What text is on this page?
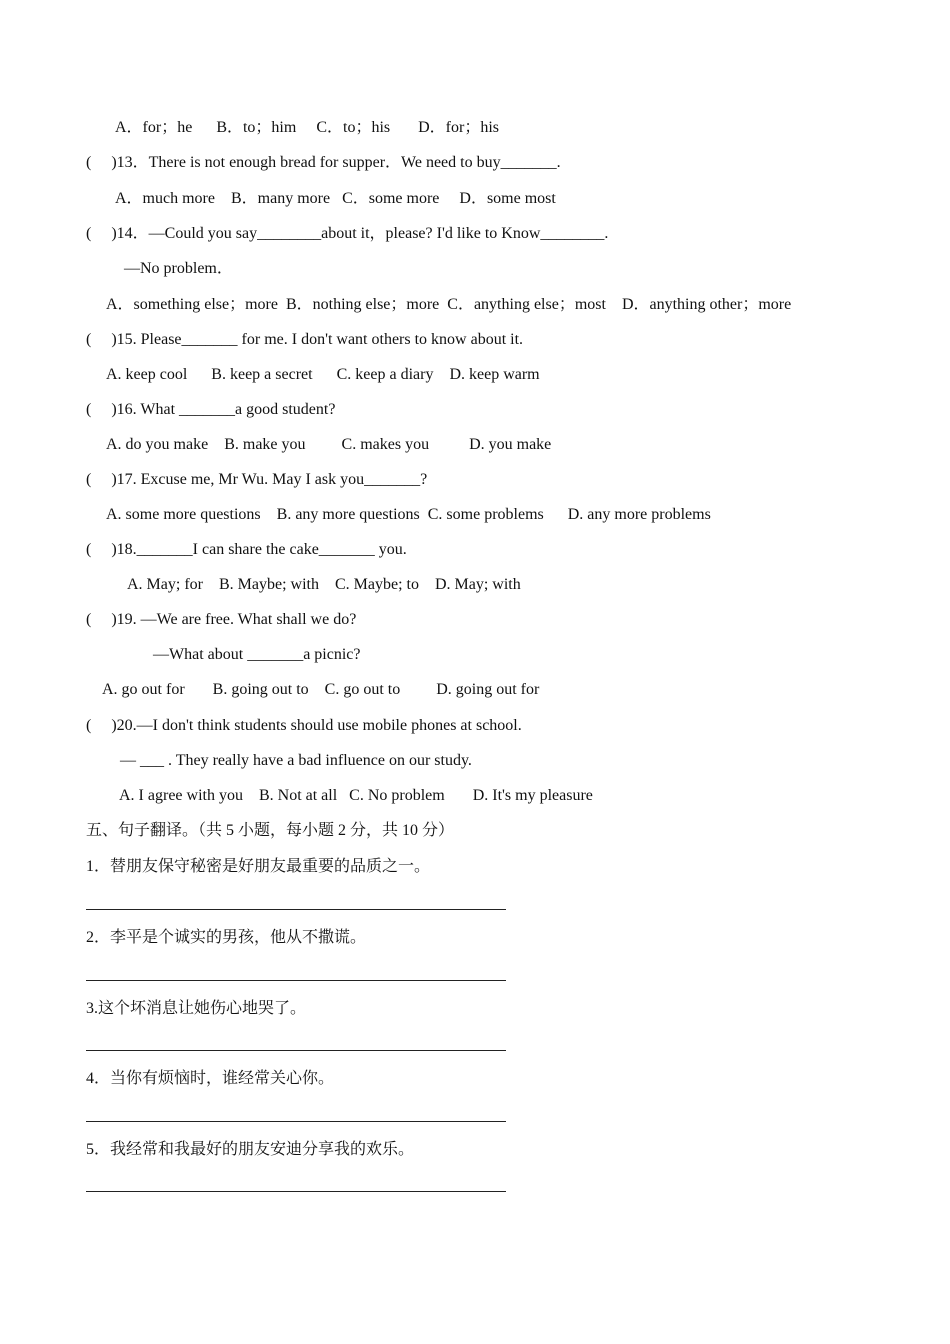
A．for；he      B．to；him     C．to；his       D．for；his
(     )13．There is not enough bread for supper．We need to buy_______.
A．much more    B．many more   C．some more     D．some most
(     )14．—Could you say________about it，please? I'd like to Know________.
—No problem．
A．something else；more  B．nothing else；more  C．anything else；most    D．anything other；more
(     )15. Please_______ for me. I don't want others to know about it.
A. keep cool      B. keep a secret      C. keep a diary    D. keep warm
(     )16. What _______a good student?
A. do you make    B. make you         C. makes you          D. you make
(     )17. Excuse me, Mr Wu. May I ask you_______?
A. some more questions    B. any more questions  C. some problems      D. any more problems
(     )18._______I can share the cake_______ you.
A. May; for    B. Maybe; with    C. Maybe; to    D. May; with
(     )19. —We are free. What shall we do?
—What about _______a picnic?
A. go out for       B. going out to    C. go out to         D. going out for
(     )20.—I don't think students should use mobile phones at school.
— ___ . They really have a bad influence on our study.
A. I agree with you    B. Not at all   C. No problem       D. It's my pleasure
五、句子翻译。（共 5 小题，每小题 2 分，共 10 分）
1．替朋友保守秘密是好朋友最重要的品质之一。
2．李平是个诚实的男孩，他从不撒谎。
3.这个坏消息让她伤心地哭了。
4．当你有烦恼时，谁经常关心你。
5．我经常和我最好的朋友安迪分享我的欢乐。
